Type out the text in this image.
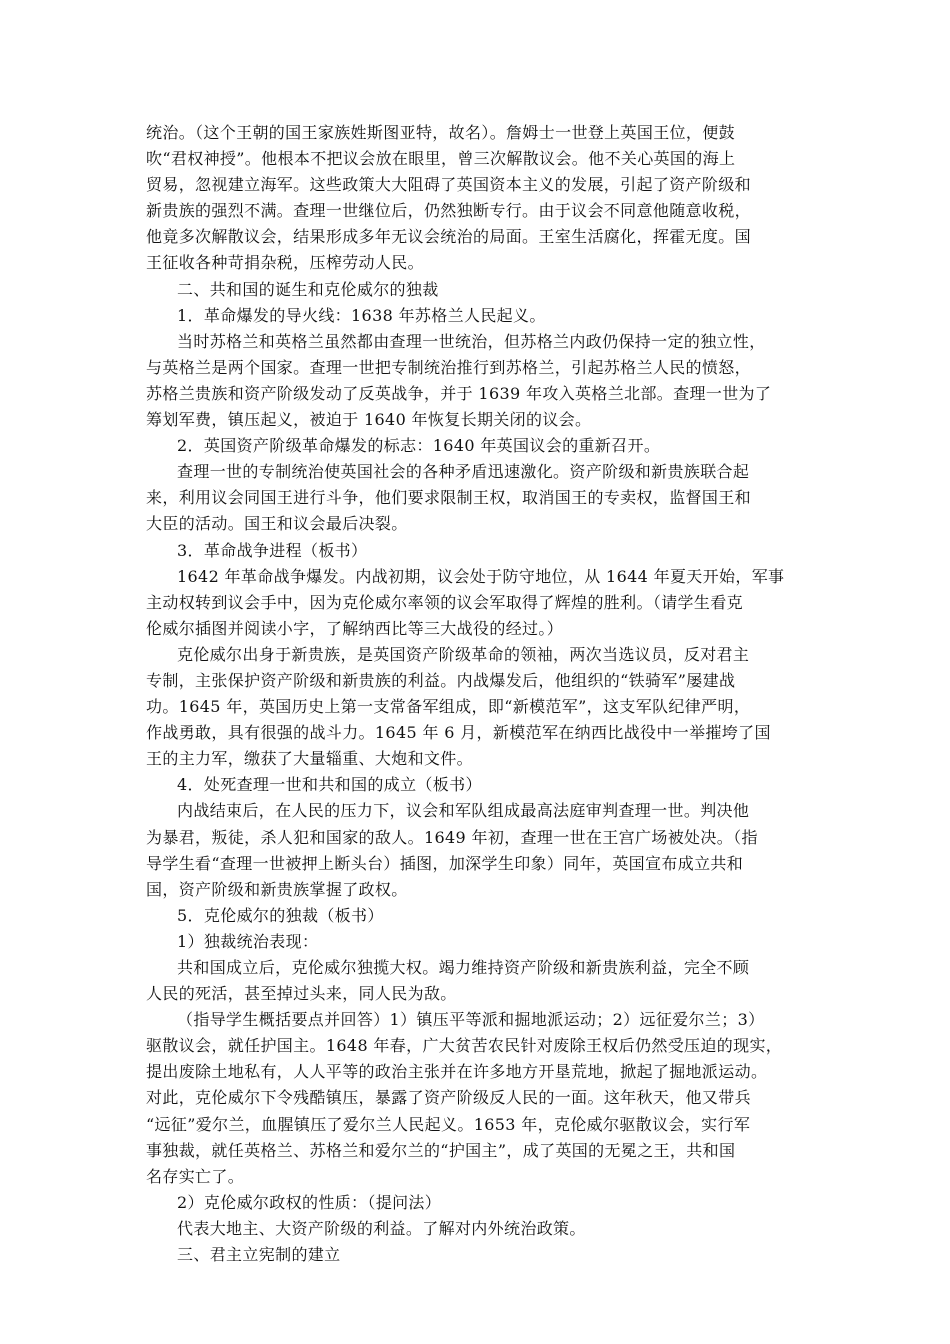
统治。（这个王朝的国王家族姓斯图亚特，故名）。詹姆士一世登上英国王位，便鼓
吹“君权神授”。他根本不把议会放在眼里，曾三次解散议会。他不关心英国的海上
贸易，忽视建立海军。这些政策大大阻碍了英国资本主义的发展，引起了资产阶级和
新贵族的强烈不满。查理一世继位后，仍然独断专行。由于议会不同意他随意收税，
他竟多次解散议会，结果形成多年无议会统治的局面。王室生活腐化，挥霍无度。国
王征收各种苛捐杂税，压榨劳动人民。
二、共和国的诞生和克伦威尔的独裁
1．革命爆发的导火线：1638 年苏格兰人民起义。
当时苏格兰和英格兰虽然都由查理一世统治，但苏格兰内政仍保持一定的独立性，
与英格兰是两个国家。查理一世把专制统治推行到苏格兰，引起苏格兰人民的愤怒，
苏格兰贵族和资产阶级发动了反英战争，并于 1639 年攻入英格兰北部。查理一世为了
筹划军费，镇压起义，被迫于 1640 年恢复长期关闭的议会。
2．英国资产阶级革命爆发的标志：1640 年英国议会的重新召开。
查理一世的专制统治使英国社会的各种矛盾迅速激化。资产阶级和新贵族联合起
来，利用议会同国王进行斗争，他们要求限制王权，取消国王的专卖权，监督国王和
大臣的活动。国王和议会最后决裂。
3．革命战争进程（板书）
1642 年革命战争爆发。内战初期，议会处于防守地位，从 1644 年夏天开始，军事
主动权转到议会手中，因为克伦威尔率领的议会军取得了辉煌的胜利。（请学生看克
伦威尔插图并阅读小字，了解纳西比等三大战役的经过。）
克伦威尔出身于新贵族，是英国资产阶级革命的领袖，两次当选议员，反对君主
专制，主张保护资产阶级和新贵族的利益。内战爆发后，他组织的“铁骑军”屡建战
功。1645 年，英国历史上第一支常备军组成，即“新模范军”，这支军队纪律严明，
作战勇敢，具有很强的战斗力。1645 年 6 月，新模范军在纳西比战役中一举摧垮了国
王的主力军，缴获了大量辎重、大炮和文件。
4．处死查理一世和共和国的成立（板书）
内战结束后，在人民的压力下，议会和军队组成最高法庭审判查理一世。判决他
为暴君，叛徒，杀人犯和国家的敌人。1649 年初，查理一世在王宫广场被处决。（指
导学生看“查理一世被押上断头台）插图，加深学生印象）同年，英国宣布成立共和
国，资产阶级和新贵族掌握了政权。
5．克伦威尔的独裁（板书）
1）独裁统治表现：
共和国成立后，克伦威尔独揽大权。竭力维持资产阶级和新贵族利益，完全不顾
人民的死活，甚至掉过头来，同人民为敌。
（指导学生概括要点并回答）1）镇压平等派和掘地派运动；2）远征爱尔兰；3）
驱散议会，就任护国主。1648 年春，广大贫苦农民针对废除王权后仍然受压迫的现实，
提出废除土地私有，人人平等的政治主张并在许多地方开垦荒地，掀起了掘地派运动。
对此，克伦威尔下令残酷镇压，暴露了资产阶级反人民的一面。这年秋天，他又带兵
“远征”爱尔兰，血腥镇压了爱尔兰人民起义。1653 年，克伦威尔驱散议会，实行军
事独裁，就任英格兰、苏格兰和爱尔兰的“护国主”，成了英国的无冕之王，共和国
名存实亡了。
2）克伦威尔政权的性质：（提问法）
代表大地主、大资产阶级的利益。了解对内外统治政策。
三、君主立宪制的建立
